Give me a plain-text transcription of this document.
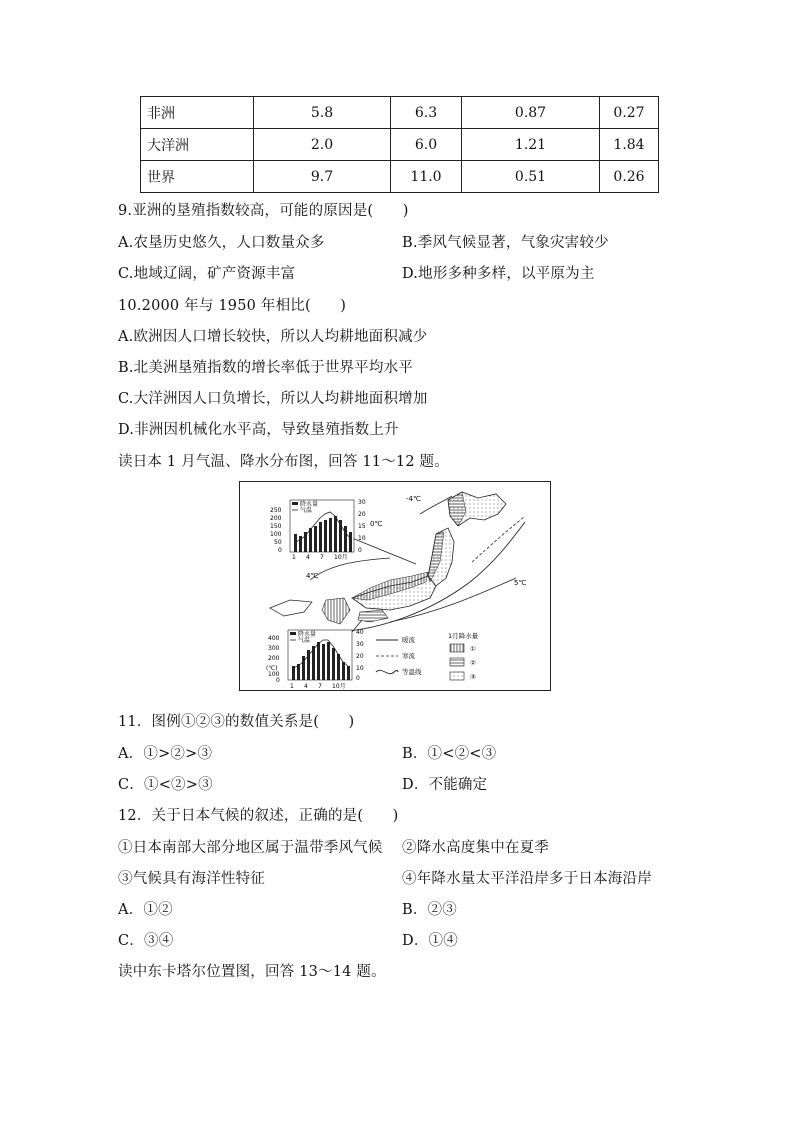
非洲	5.8	6.3	0.87	0.27
大洋洲	2.0	6.0	1.21	1.84
世界	9.7	11.0	0.51	0.26
9.亚洲的垦殖指数较高，可能的原因是(　　)
A.农垦历史悠久，人口数量众多	B.季风气候显著，气象灾害较少
C.地域辽阔，矿产资源丰富	D.地形多种多样，以平原为主
10.2000 年与 1950 年相比(　　)
A.欧洲因人口增长较快，所以人均耕地面积减少
B.北美洲垦殖指数的增长率低于世界平均水平
C.大洋洲因人口负增长，所以人均耕地面积增加
D.非洲因机械化水平高，导致垦殖指数上升
读日本 1 月气温、降水分布图，回答 11～12 题。
-4℃
0℃
4℃
5℃
降水量
气温
250
200
150
100
50
0
30
20
15
10
0
1 4 7 10月
降水量
气温
400
300
200
(℃)
100
0
40
30
20
10
0
1 4 7 10月
暖流
寒流
等温线
1月降水量
①
②
③
11．图例①②③的数值关系是(　　)
A．①>②>③	B．①<②<③
C．①<②>③	D．不能确定
12．关于日本气候的叙述，正确的是(　　)
①日本南部大部分地区属于温带季风气候 ②降水高度集中在夏季
③气候具有海洋性特征	④年降水量太平洋沿岸多于日本海沿岸
A．①②	B．②③
C．③④	D．①④
读中东卡塔尔位置图，回答 13～14 题。
